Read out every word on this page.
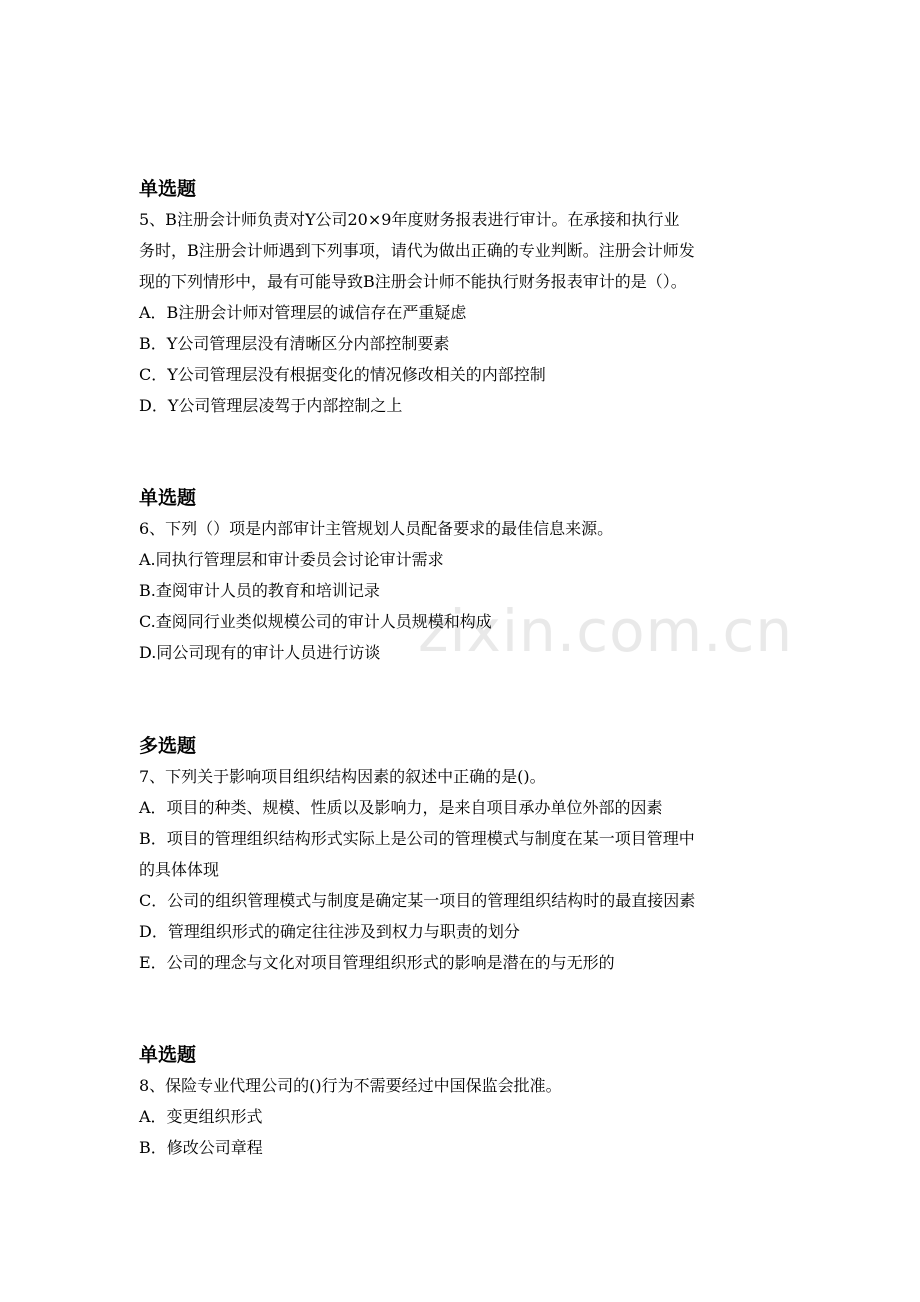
zixin.com.cn
单选题
5、B注册会计师负责对Y公司20×9年度财务报表进行审计。在承接和执行业
务时，B注册会计师遇到下列事项，请代为做出正确的专业判断。注册会计师发
现的下列情形中，最有可能导致B注册会计师不能执行财务报表审计的是（）。
A．B注册会计师对管理层的诚信存在严重疑虑
B．Y公司管理层没有清晰区分内部控制要素
C．Y公司管理层没有根据变化的情况修改相关的内部控制
D．Y公司管理层凌驾于内部控制之上
单选题
6、下列（）项是内部审计主管规划人员配备要求的最佳信息来源。
A.同执行管理层和审计委员会讨论审计需求
B.查阅审计人员的教育和培训记录
C.查阅同行业类似规模公司的审计人员规模和构成
D.同公司现有的审计人员进行访谈
多选题
7、下列关于影响项目组织结构因素的叙述中正确的是()。
A．项目的种类、规模、性质以及影响力，是来自项目承办单位外部的因素
B．项目的管理组织结构形式实际上是公司的管理模式与制度在某一项目管理中
的具体体现
C．公司的组织管理模式与制度是确定某一项目的管理组织结构时的最直接因素
D．管理组织形式的确定往往涉及到权力与职责的划分
E．公司的理念与文化对项目管理组织形式的影响是潜在的与无形的
单选题
8、保险专业代理公司的()行为不需要经过中国保监会批准。
A．变更组织形式
B．修改公司章程
